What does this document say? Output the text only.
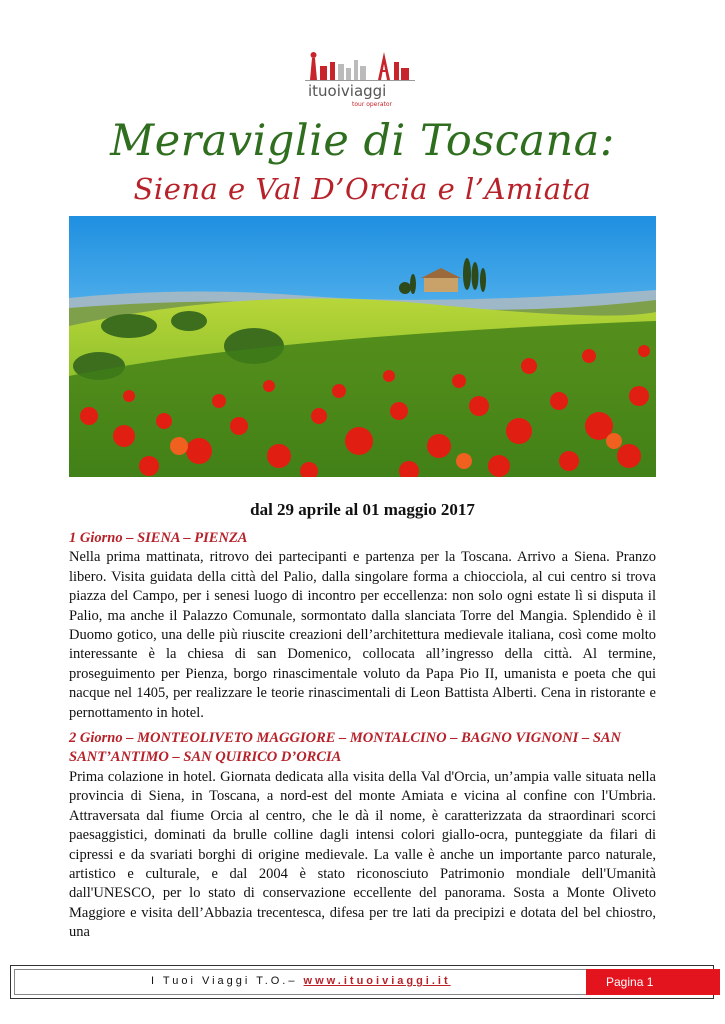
ituoiviaggi
tour operator
Meraviglie di Toscana:
Siena e Val D’Orcia e l’Amiata
dal 29 aprile al 01 maggio 2017

1 Giorno – SIENA – PIENZA

Nella prima mattinata, ritrovo dei partecipanti e partenza per la Toscana. Arrivo a Siena. Pranzo libero. Visita guidata della città del Palio, dalla singolare forma a chiocciola, al cui centro si trova piazza del Campo, per i senesi luogo di incontro per eccellenza: non solo ogni estate lì si disputa il Palio, ma anche il Palazzo Comunale, sormontato dalla slanciata Torre del Mangia. Splendido è il Duomo gotico, una delle più riuscite creazioni dell’architettura medievale italiana, così come molto interessante è la chiesa di san Domenico, collocata all’ingresso della città. Al termine, proseguimento per Pienza, borgo rinascimentale voluto da Papa Pio II, umanista e poeta che qui nacque nel 1405, per realizzare le teorie rinascimentali di Leon Battista Alberti. Cena in ristorante e pernottamento in hotel.

2 Giorno – MONTEOLIVETO MAGGIORE – MONTALCINO – BAGNO VIGNONI – SAN SANT’ANTIMO – SAN QUIRICO D’ORCIA

Prima colazione in hotel. Giornata dedicata alla visita della Val d'Orcia, un’ampia valle situata nella provincia di Siena, in Toscana, a nord-est del monte Amiata e vicina al confine con l'Umbria. Attraversata dal fiume Orcia al centro, che le dà il nome, è caratterizzata da straordinari scorci paesaggistici, dominati da brulle colline dagli intensi colori giallo-ocra, punteggiate da filari di cipressi e da svariati borghi di origine medievale. La valle è anche un importante parco naturale, artistico e culturale, e dal 2004 è stato riconosciuto Patrimonio mondiale dell'Umanità dall'UNESCO, per lo stato di conservazione eccellente del panorama. Sosta a Monte Oliveto Maggiore e visita dell’Abbazia trecentesca, difesa per tre lati da precipizi e dotata del bel chiostro, una

I Tuoi Viaggi T.O.– www.ituoiviaggi.it	Pagina 1
